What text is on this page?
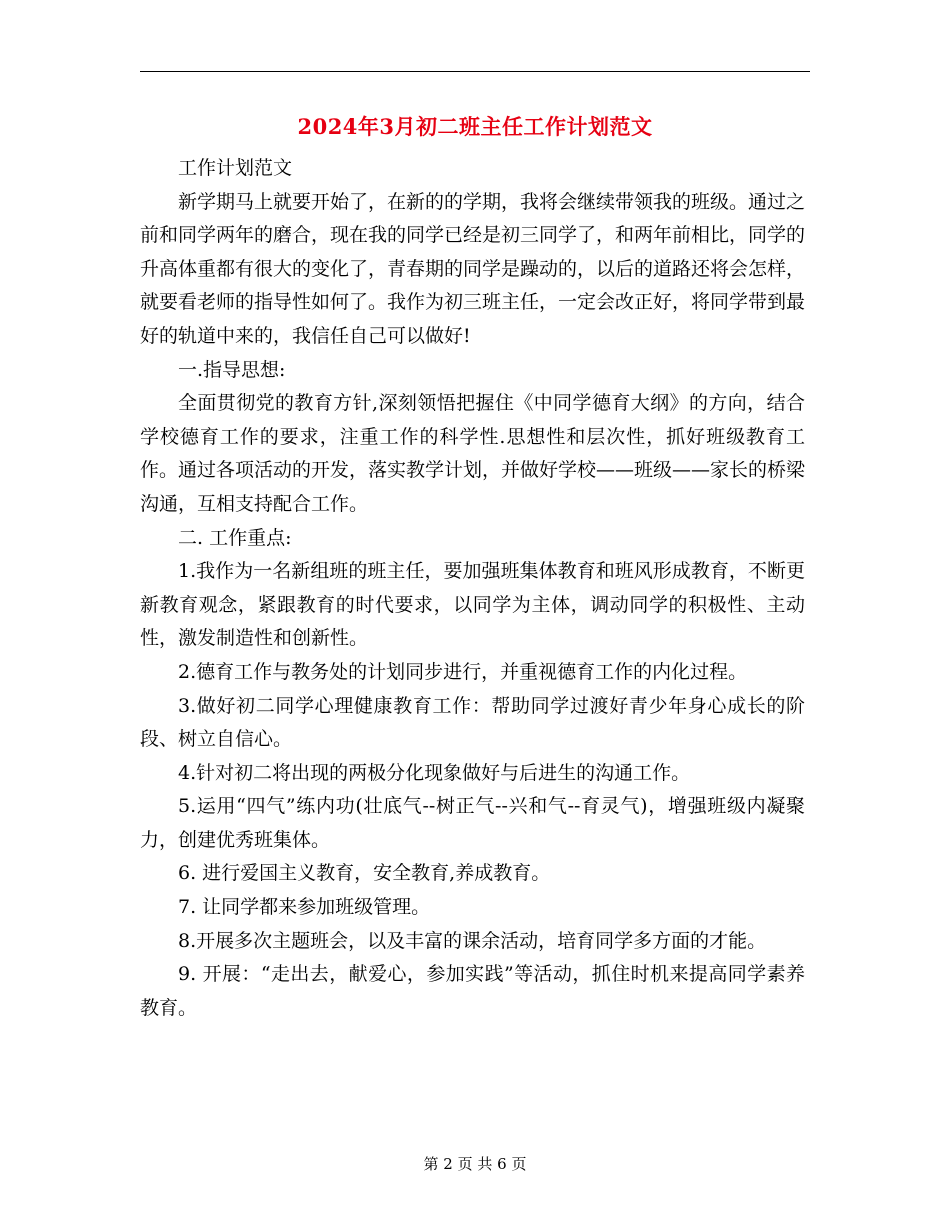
2024年3月初二班主任工作计划范文

工作计划范文

新学期马上就要开始了，在新的的学期，我将会继续带领我的班级。通过之前和同学两年的磨合，现在我的同学已经是初三同学了，和两年前相比，同学的升高体重都有很大的变化了，青春期的同学是躁动的，以后的道路还将会怎样，就要看老师的指导性如何了。我作为初三班主任，一定会改正好，将同学带到最好的轨道中来的，我信任自己可以做好!

一.指导思想:

全面贯彻党的教育方针,深刻领悟把握住《中同学德育大纲》的方向，结合学校德育工作的要求，注重工作的科学性.思想性和层次性，抓好班级教育工作。通过各项活动的开发，落实教学计划，并做好学校——班级——家长的桥梁沟通，互相支持配合工作。

二. 工作重点:

1.我作为一名新组班的班主任，要加强班集体教育和班风形成教育，不断更新教育观念，紧跟教育的时代要求，以同学为主体，调动同学的积极性、主动性，激发制造性和创新性。

2.德育工作与教务处的计划同步进行，并重视德育工作的内化过程。

3.做好初二同学心理健康教育工作：帮助同学过渡好青少年身心成长的阶段、树立自信心。

4.针对初二将出现的两极分化现象做好与后进生的沟通工作。

5.运用“四气”练内功(壮底气--树正气--兴和气--育灵气)，增强班级内凝聚力，创建优秀班集体。

6. 进行爱国主义教育，安全教育,养成教育。

7. 让同学都来参加班级管理。

8.开展多次主题班会，以及丰富的课余活动，培育同学多方面的才能。

9. 开展：“走出去，献爱心，参加实践”等活动，抓住时机来提高同学素养教育。

第 2 页 共 6 页
